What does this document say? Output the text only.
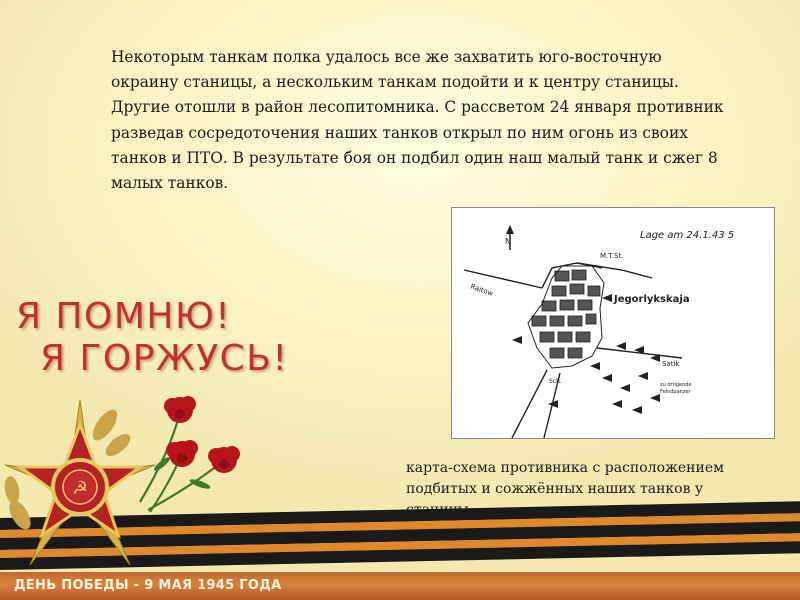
ДЕНЬ ПОБЕДЫ - 9 МАЯ 1945 ГОДА

Некоторым танкам полка удалось все же захватить юго-восточную окраину станицы, а нескольким танкам подойти и к центру станицы. Другие отошли в район лесопитомника. С рассветом 24 января противник разведав сосредоточения наших танков открыл по ним огонь из своих танков и ПТО. В результате боя он подбил один наш малый танк и сжег 8 малых танков.

Я ПОМНЮ!
Я ГОРЖУСЬ!
☭
Lage am 24.1.43 5
N
M.T.St.
Jegorlykskaja
Raitow
Satik
Sch.	zu ortigende
Feindpanzer

карта-схема противника с расположением подбитых и сожжённых наших танков у станицы
